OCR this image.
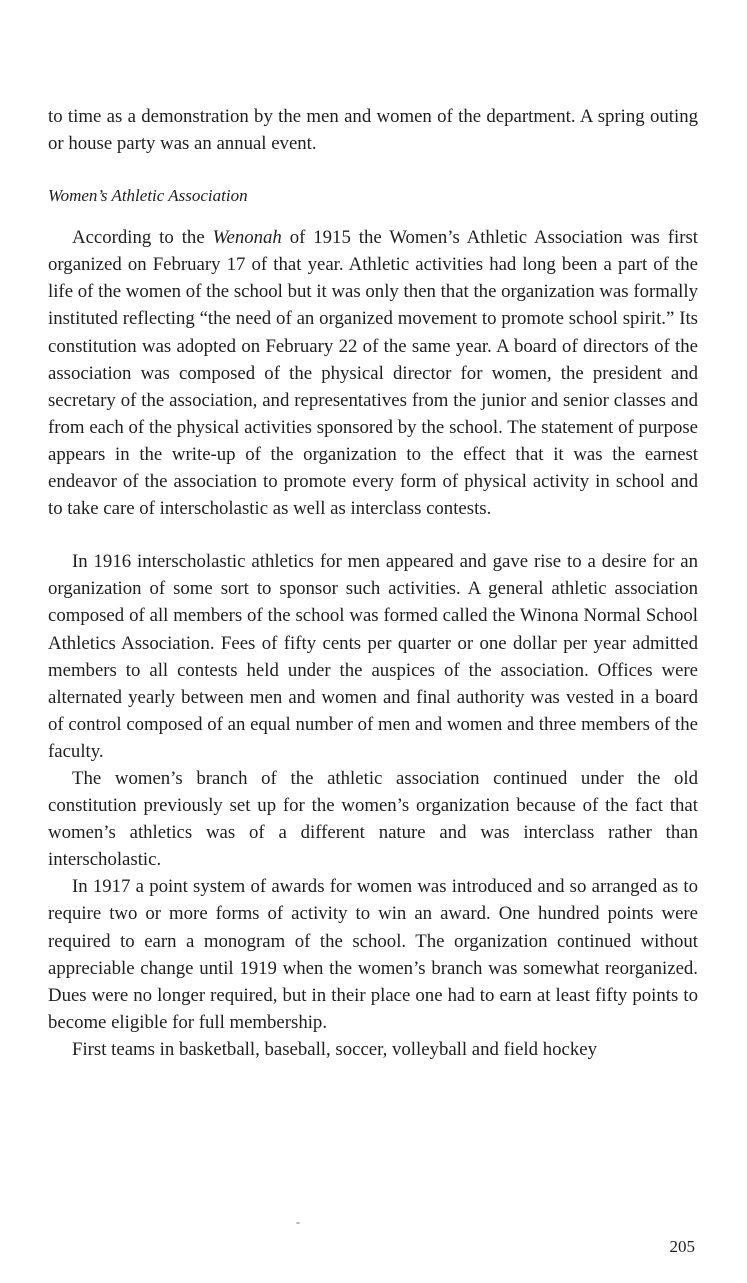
to time as a demonstration by the men and women of the department. A spring outing or house party was an annual event.

Women’s Athletic Association

According to the Wenonah of 1915 the Women’s Athletic Association was first organized on February 17 of that year. Athletic activities had long been a part of the life of the women of the school but it was only then that the organization was formally instituted reflecting “the need of an organized movement to promote school spirit.” Its constitution was adopted on February 22 of the same year. A board of directors of the association was composed of the physical director for women, the president and secretary of the association, and representatives from the junior and senior classes and from each of the physical activities sponsored by the school. The statement of purpose appears in the write-up of the organization to the effect that it was the earnest endeavor of the association to promote every form of physical activity in school and to take care of interscholastic as well as interclass contests.

In 1916 interscholastic athletics for men appeared and gave rise to a desire for an organization of some sort to sponsor such activities. A general athletic association composed of all members of the school was formed called the Winona Normal School Athletics Association. Fees of fifty cents per quarter or one dollar per year admitted members to all contests held under the auspices of the association. Offices were alternated yearly between men and women and final authority was vested in a board of control composed of an equal number of men and women and three members of the faculty.

The women’s branch of the athletic association continued under the old constitution previously set up for the women’s organization because of the fact that women’s athletics was of a different nature and was interclass rather than interscholastic.

In 1917 a point system of awards for women was introduced and so arranged as to require two or more forms of activity to win an award. One hundred points were required to earn a monogram of the school. The organization continued without appreciable change until 1919 when the women’s branch was somewhat reorganized. Dues were no longer required, but in their place one had to earn at least fifty points to become eligible for full membership.

First teams in basketball, baseball, soccer, volleyball and field hockey

205
